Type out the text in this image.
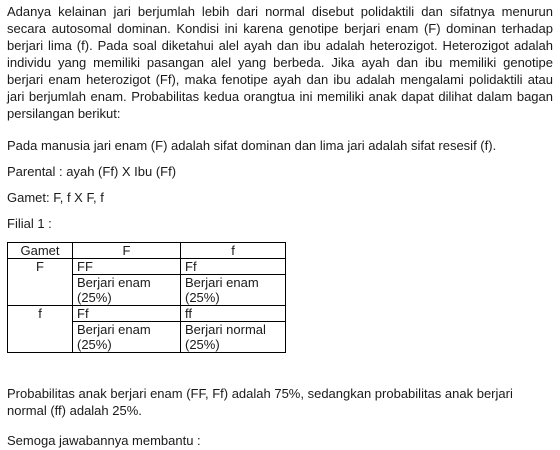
Adanya kelainan jari berjumlah lebih dari normal disebut polidaktili dan sifatnya menurun secara autosomal dominan. Kondisi ini karena genotipe berjari enam (F) dominan terhadap berjari lima (f). Pada soal diketahui alel ayah dan ibu adalah heterozigot. Heterozigot adalah individu yang memiliki pasangan alel yang berbeda. Jika ayah dan ibu memiliki genotipe berjari enam heterozigot (Ff), maka fenotipe ayah dan ibu adalah mengalami polidaktili atau jari berjumlah enam. Probabilitas kedua orangtua ini memiliki anak dapat dilihat dalam bagan persilangan berikut:

Pada manusia jari enam (F) adalah sifat dominan dan lima jari adalah sifat resesif (f).

Parental : ayah (Ff) X Ibu (Ff)

Gamet: F, f X F, f

Filial 1 :

Gamet	F	f
F	FF	Ff

	Berjari enam (25%)	Berjari enam (25%)

f	Ff	ff

	Berjari enam (25%)	Berjari normal (25%)

Probabilitas anak berjari enam (FF, Ff) adalah 75%, sedangkan probabilitas anak berjari normal (ff) adalah 25%.

Semoga jawabannya membantu :
